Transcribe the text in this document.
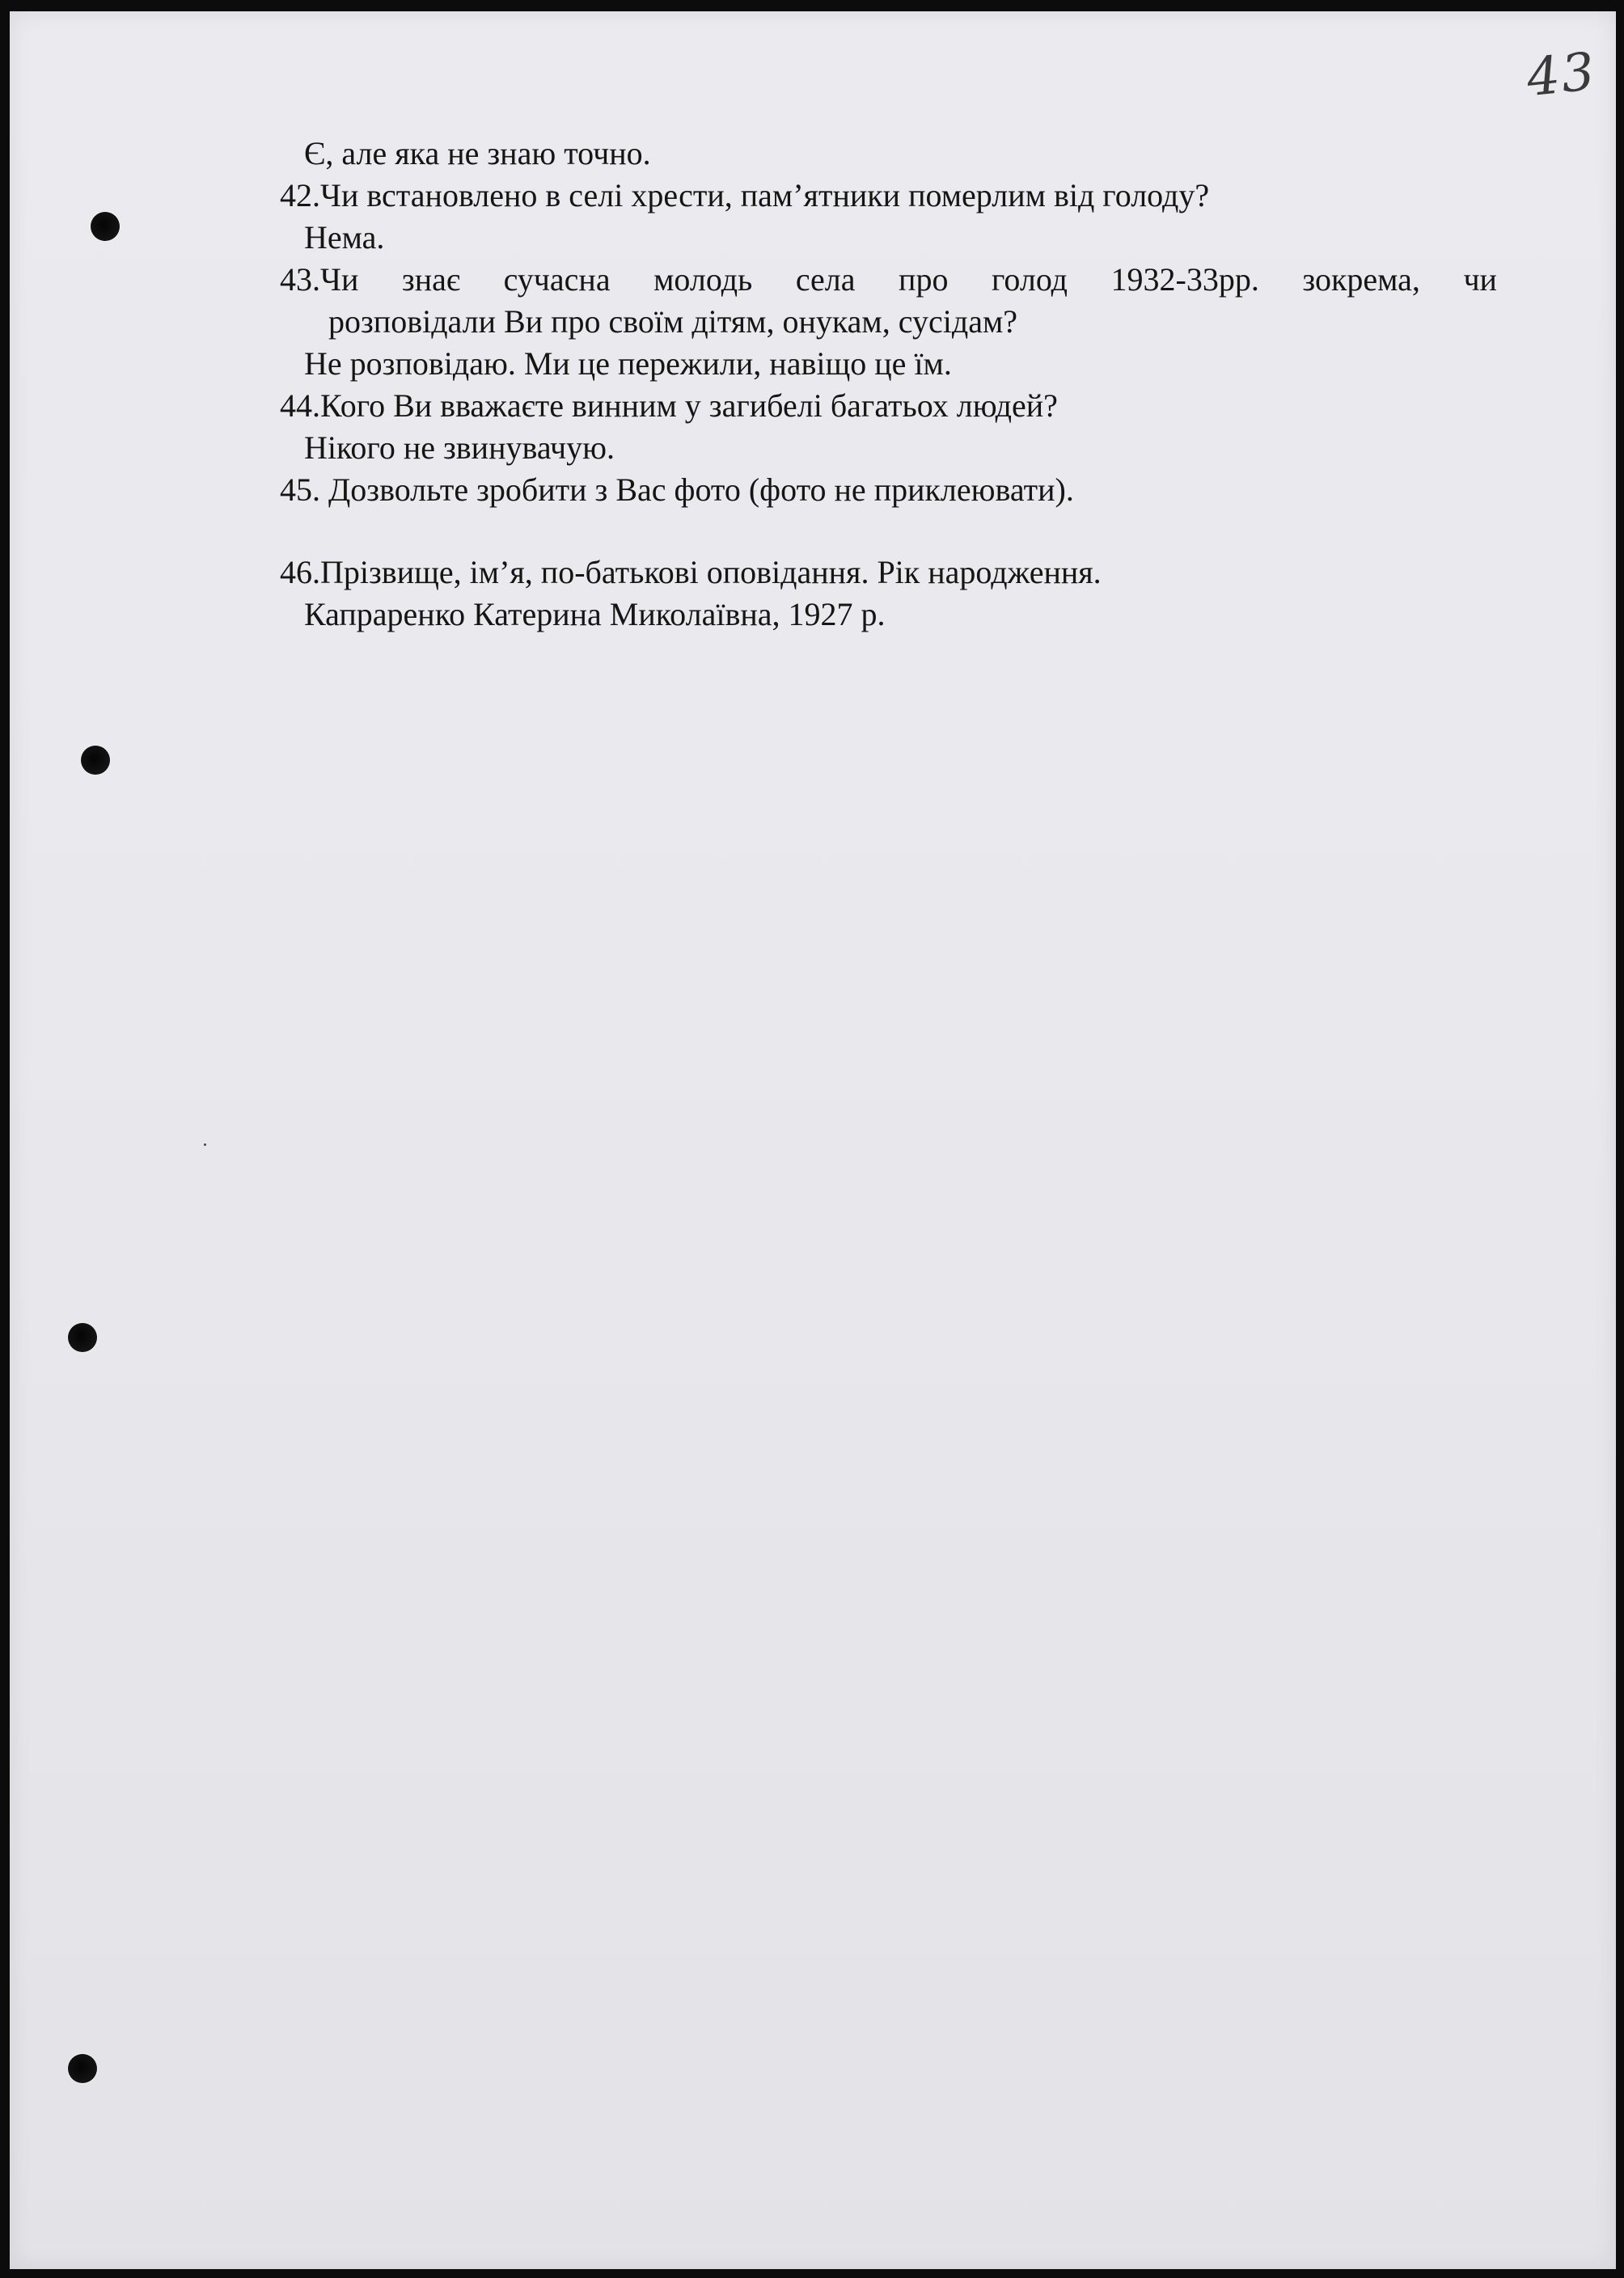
43
Є, але яка не знаю точно.
42.Чи встановлено в селі хрести, пам’ятники померлим від голоду?
Нема.
43.Чи знає сучасна молодь села про голод 1932-33рр. зокрема, чи
розповідали Ви про своїм дітям, онукам, сусідам?
Не розповідаю. Ми це пережили, навіщо це їм.
44.Кого Ви вважаєте винним у загибелі багатьох людей?
Нікого не звинувачую.
45. Дозвольте зробити з Вас фото (фото не приклеювати).
46.Прізвище, ім’я, по-батькові оповідання. Рік народження.
Капраренко Катерина Миколаївна, 1927 р.
